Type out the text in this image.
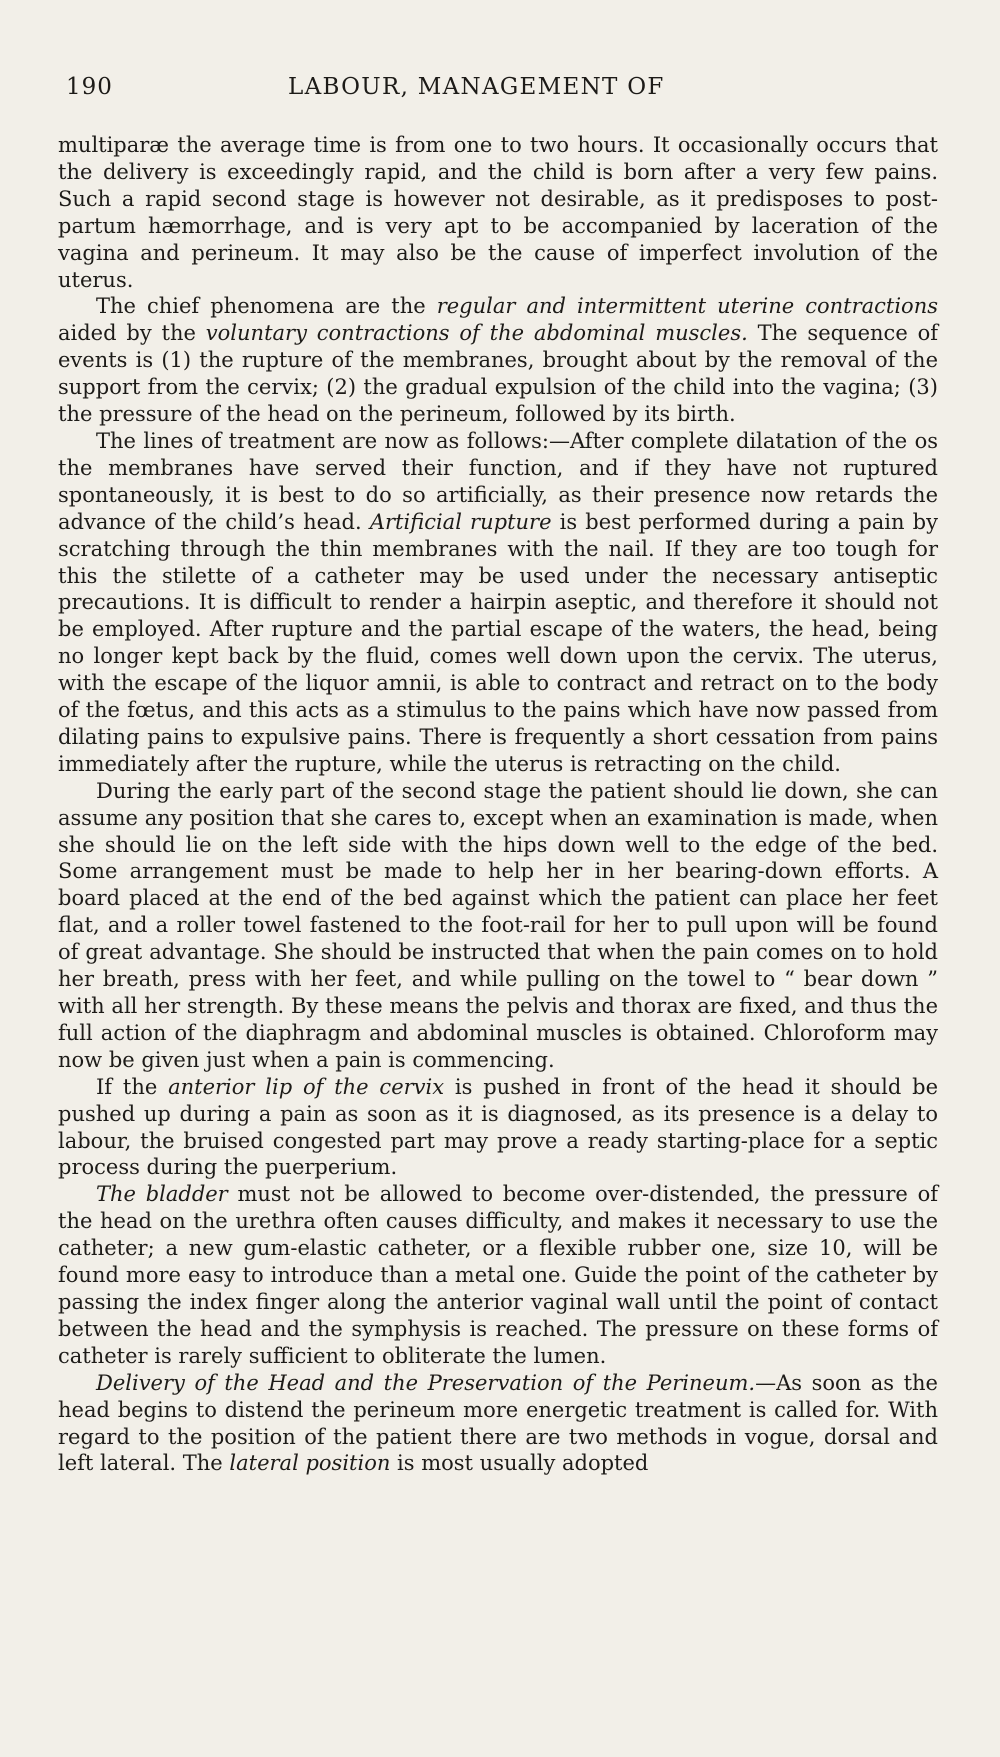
190	LABOUR, MANAGEMENT OF

multiparæ the average time is from one to two hours. It occasionally occurs that the delivery is exceedingly rapid, and the child is born after a very few pains. Such a rapid second stage is however not desirable, as it predisposes to post-partum hæmorrhage, and is very apt to be accompanied by laceration of the vagina and perineum. It may also be the cause of imperfect involution of the uterus.

The chief phenomena are the regular and intermittent uterine contractions aided by the voluntary contractions of the abdominal muscles. The sequence of events is (1) the rupture of the membranes, brought about by the removal of the support from the cervix; (2) the gradual expulsion of the child into the vagina; (3) the pressure of the head on the perineum, followed by its birth.

The lines of treatment are now as follows:—After complete dilatation of the os the membranes have served their function, and if they have not ruptured spontaneously, it is best to do so artificially, as their presence now retards the advance of the child’s head. Artificial rupture is best performed during a pain by scratching through the thin membranes with the nail. If they are too tough for this the stilette of a catheter may be used under the necessary antiseptic precautions. It is difficult to render a hairpin aseptic, and therefore it should not be employed. After rupture and the partial escape of the waters, the head, being no longer kept back by the fluid, comes well down upon the cervix. The uterus, with the escape of the liquor amnii, is able to contract and retract on to the body of the fœtus, and this acts as a stimulus to the pains which have now passed from dilating pains to expulsive pains. There is frequently a short cessation from pains immediately after the rupture, while the uterus is retracting on the child.

During the early part of the second stage the patient should lie down, she can assume any position that she cares to, except when an examination is made, when she should lie on the left side with the hips down well to the edge of the bed. Some arrangement must be made to help her in her bearing-down efforts. A board placed at the end of the bed against which the patient can place her feet flat, and a roller towel fastened to the foot-rail for her to pull upon will be found of great advantage. She should be instructed that when the pain comes on to hold her breath, press with her feet, and while pulling on the towel to “ bear down ” with all her strength. By these means the pelvis and thorax are fixed, and thus the full action of the diaphragm and abdominal muscles is obtained. Chloroform may now be given just when a pain is commencing.

If the anterior lip of the cervix is pushed in front of the head it should be pushed up during a pain as soon as it is diagnosed, as its presence is a delay to labour, the bruised congested part may prove a ready starting-place for a septic process during the puerperium.

The bladder must not be allowed to become over-distended, the pressure of the head on the urethra often causes difficulty, and makes it necessary to use the catheter; a new gum-elastic catheter, or a flexible rubber one, size 10, will be found more easy to introduce than a metal one. Guide the point of the catheter by passing the index finger along the anterior vaginal wall until the point of contact between the head and the symphysis is reached. The pressure on these forms of catheter is rarely sufficient to obliterate the lumen.

Delivery of the Head and the Preservation of the Perineum.—As soon as the head begins to distend the perineum more energetic treatment is called for. With regard to the position of the patient there are two methods in vogue, dorsal and left lateral. The lateral position is most usually adopted
